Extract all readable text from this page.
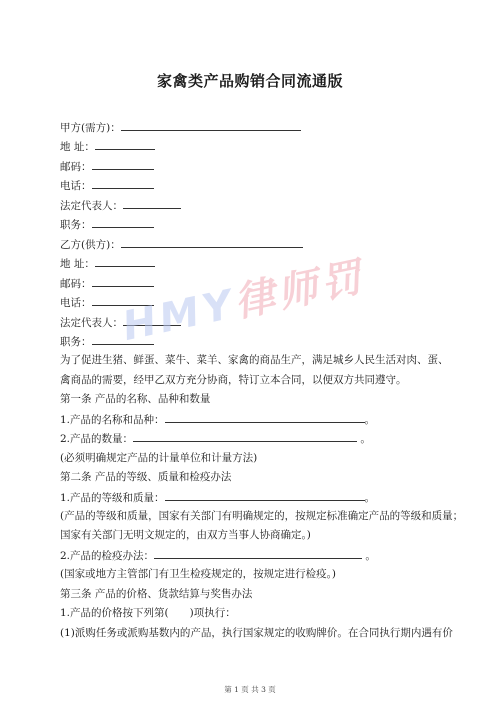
家禽类产品购销合同流通版
甲方(需方)：
地 址：
邮码：
电话：
法定代表人：
职务：
乙方(供方)：
地 址：
邮码：
电话：
法定代表人：
职务：
为了促进生猪、鲜蛋、菜牛、菜羊、家禽的商品生产，满足城乡人民生活对肉、蛋、
禽商品的需要，经甲乙双方充分协商，特订立本合同，以便双方共同遵守。
第一条 产品的名称、品种和数量
1.产品的名称和品种：	。
2.产品的数量：	。
(必须明确规定产品的计量单位和计量方法)
第二条 产品的等级、质量和检疫办法
1.产品的等级和质量：	。
(产品的等级和质量，国家有关部门有明确规定的，按规定标准确定产品的等级和质量；
国家有关部门无明文规定的，由双方当事人协商确定。)
2.产品的检疫办法：	。
(国家或地方主管部门有卫生检疫规定的，按规定进行检疫。)
第三条 产品的价格、货款结算与奖售办法
1.产品的价格按下列第(　　)项执行：
(1)派购任务或派购基数内的产品，执行国家规定的收购牌价。在合同执行期内遇有价
HMY律师罚
第 1 页 共 3 页
